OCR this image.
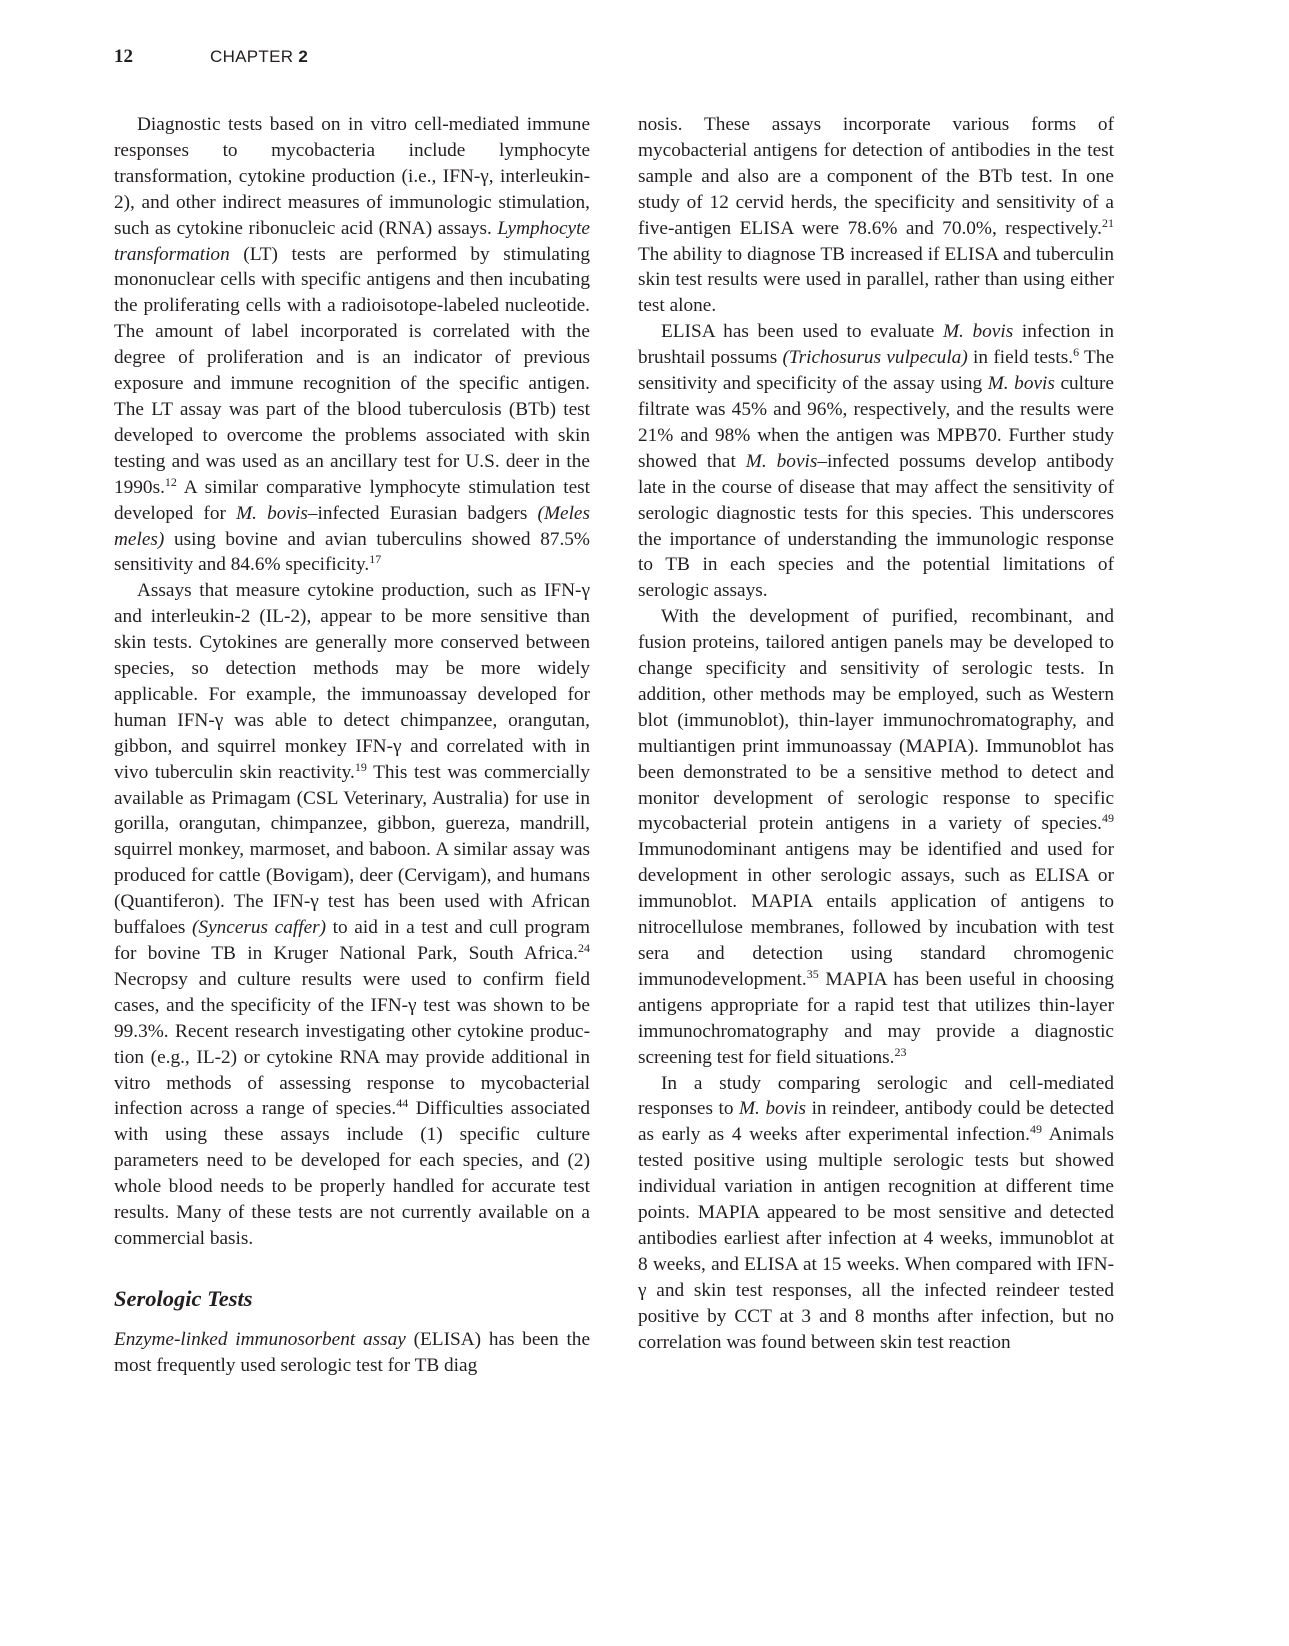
12	CHAPTER 2

Diagnostic tests based on in vitro cell-mediated immune responses to mycobacteria include lymphocyte transformation, cytokine production (i.e., IFN-γ, interleukin-2), and other indirect measures of immunologic stimulation, such as cytokine ribonucleic acid (RNA) assays. Lymphocyte transformation (LT) tests are performed by stimulating mononuclear cells with specific antigens and then incubating the proliferating cells with a radioisotope-labeled nucleotide. The amount of label incorporated is correlated with the degree of proliferation and is an indicator of previous exposure and immune recognition of the specific antigen. The LT assay was part of the blood tuberculosis (BTb) test developed to overcome the problems associated with skin testing and was used as an ancillary test for U.S. deer in the 1990s.$^{12}$ A similar comparative lymphocyte stimulation test developed for M. bovis–infected Eurasian badgers (Meles meles) using bovine and avian tuberculins showed 87.5% sensitivity and 84.6% specificity.$^{17}$

Assays that measure cytokine production, such as IFN-γ and interleukin-2 (IL-2), appear to be more sensitive than skin tests. Cytokines are generally more conserved between species, so detection methods may be more widely applicable. For example, the immunoassay developed for human IFN-γ was able to detect chimpanzee, orangutan, gibbon, and squirrel monkey IFN-γ and correlated with in vivo tuberculin skin reactivity.$^{19}$ This test was commercially available as Primagam (CSL Veterinary, Australia) for use in gorilla, orangutan, chimpanzee, gibbon, guereza, mandrill, squirrel monkey, marmoset, and baboon. A similar assay was produced for cattle (Bovigam), deer (Cervigam), and humans (Quantiferon). The IFN-γ test has been used with African buffaloes (Syncerus caffer) to aid in a test and cull program for bovine TB in Kruger National Park, South Africa.$^{24}$ Necropsy and culture results were used to confirm field cases, and the specificity of the IFN-γ test was shown to be 99.3%. Recent research investigating other cytokine production (e.g., IL-2) or cytokine RNA may provide additional in vitro methods of assessing response to mycobacterial infection across a range of species.$^{44}$ Difficulties associated with using these assays include (1) specific culture parameters need to be developed for each species, and (2) whole blood needs to be properly handled for accurate test results. Many of these tests are not currently available on a commercial basis.

Serologic Tests

Enzyme-linked immunosorbent assay (ELISA) has been the most frequently used serologic test for TB diag

nosis. These assays incorporate various forms of mycobacterial antigens for detection of antibodies in the test sample and also are a component of the BTb test. In one study of 12 cervid herds, the specificity and sensitivity of a five-antigen ELISA were 78.6% and 70.0%, respectively.$^{21}$ The ability to diagnose TB increased if ELISA and tuberculin skin test results were used in parallel, rather than using either test alone.

ELISA has been used to evaluate M. bovis infection in brushtail possums (Trichosurus vulpecula) in field tests.$^6$ The sensitivity and specificity of the assay using M. bovis culture filtrate was 45% and 96%, respectively, and the results were 21% and 98% when the antigen was MPB70. Further study showed that M. bovis–infected possums develop antibody late in the course of disease that may affect the sensitivity of serologic diagnostic tests for this species. This underscores the importance of understanding the immunologic response to TB in each species and the potential limitations of serologic assays.

With the development of purified, recombinant, and fusion proteins, tailored antigen panels may be developed to change specificity and sensitivity of serologic tests. In addition, other methods may be employed, such as Western blot (immunoblot), thin-layer immunochromatography, and multiantigen print immunoassay (MAPIA). Immunoblot has been demonstrated to be a sensitive method to detect and monitor development of serologic response to specific mycobacterial protein antigens in a variety of species.$^{49}$ Immunodominant antigens may be identified and used for development in other serologic assays, such as ELISA or immunoblot. MAPIA entails application of antigens to nitrocellulose membranes, followed by incubation with test sera and detection using standard chromogenic immunodevelopment.$^{35}$ MAPIA has been useful in choosing antigens appropriate for a rapid test that utilizes thin-layer immunochromatography and may provide a diagnostic screening test for field situations.$^{23}$

In a study comparing serologic and cell-mediated responses to M. bovis in reindeer, antibody could be detected as early as 4 weeks after experimental infection.$^{49}$ Animals tested positive using multiple serologic tests but showed individual variation in antigen recognition at different time points. MAPIA appeared to be most sensitive and detected antibodies earliest after infection at 4 weeks, immunoblot at 8 weeks, and ELISA at 15 weeks. When compared with IFN-γ and skin test responses, all the infected reindeer tested positive by CCT at 3 and 8 months after infection, but no correlation was found between skin test reaction
